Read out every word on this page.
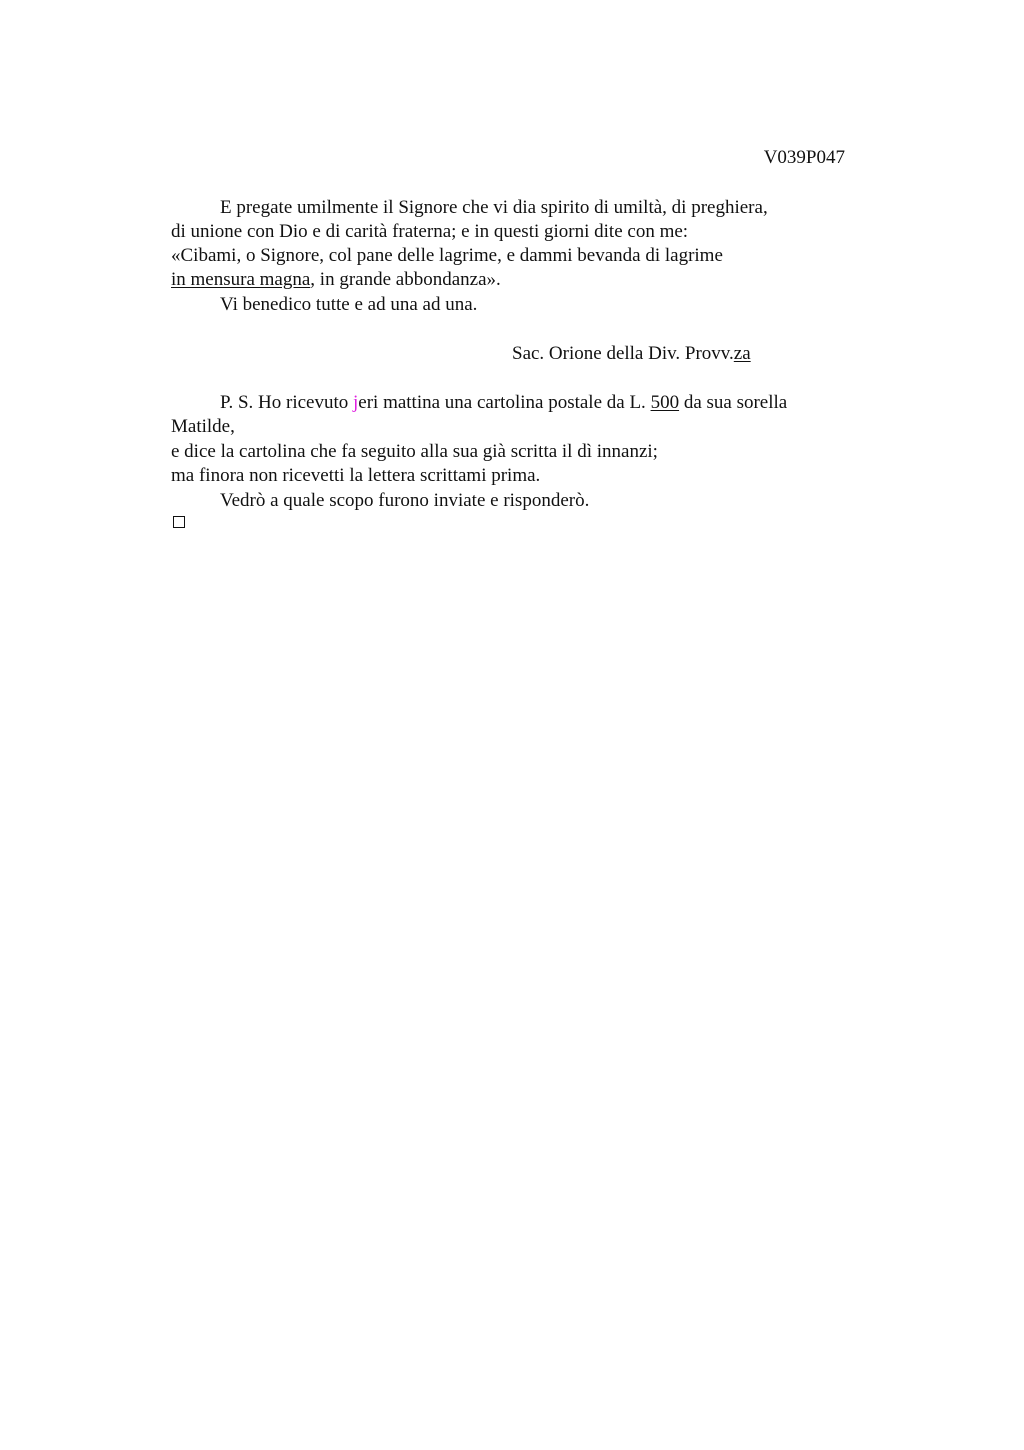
V039P047
E pregate umilmente il Signore che vi dia spirito di umiltà, di preghiera,
di unione con Dio e di carità fraterna; e in questi giorni dite con me:
«Cibami, o Signore, col pane delle lagrime, e dammi bevanda di lagrime
in mensura magna, in grande abbondanza».
Vi benedico tutte e ad una ad una.
Sac. Orione della Div. Provv.za
P. S. Ho ricevuto jeri mattina una cartolina postale da L. 500 da sua sorella
Matilde,
e dice la cartolina che fa seguito alla sua già scritta il dì innanzi;
ma finora non ricevetti la lettera scrittami prima.
Vedrò a quale scopo furono inviate e risponderò.
